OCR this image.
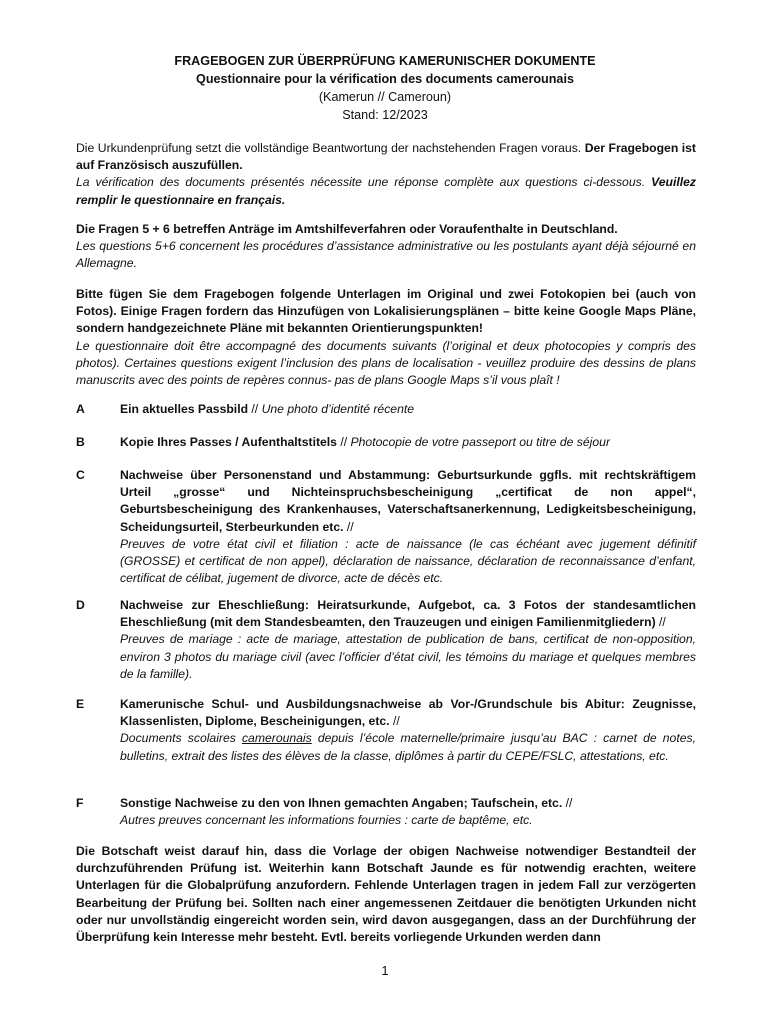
FRAGEBOGEN ZUR ÜBERPRÜFUNG KAMERUNISCHER DOKUMENTE
Questionnaire pour la vérification des documents camerounais
(Kamerun // Cameroun)
Stand: 12/2023
Die Urkundenprüfung setzt die vollständige Beantwortung der nachstehenden Fragen voraus. Der Fragebogen ist auf Französisch auszufüllen.
La vérification des documents présentés nécessite une réponse complète aux questions ci-dessous. Veuillez remplir le questionnaire en français.
Die Fragen 5 + 6 betreffen Anträge im Amtshilfeverfahren oder Voraufenthalte in Deutschland.
Les questions 5+6 concernent les procédures d’assistance administrative ou les postulants ayant déjà séjourné en Allemagne.
Bitte fügen Sie dem Fragebogen folgende Unterlagen im Original und zwei Fotokopien bei (auch von Fotos). Einige Fragen fordern das Hinzufügen von Lokalisierungsplänen – bitte keine Google Maps Pläne, sondern handgezeichnete Pläne mit bekannten Orientierungspunkten!
Le questionnaire doit être accompagné des documents suivants (l’original et deux photocopies y compris des photos). Certaines questions exigent l’inclusion des plans de localisation - veuillez produire des dessins de plans manuscrits avec des points de repères connus- pas de plans Google Maps s’il vous plaît !
A	Ein aktuelles Passbild // Une photo d’identité récente
B	Kopie Ihres Passes / Aufenthaltstitels // Photocopie de votre passeport ou titre de séjour
C	Nachweise über Personenstand und Abstammung: Geburtsurkunde ggfls. mit rechtskräftigem Urteil „grosse“ und Nichteinspruchsbescheinigung „certificat de non appel“, Geburtsbescheinigung des Krankenhauses, Vaterschaftsanerkennung, Ledigkeitsbescheinigung, Scheidungsurteil, Sterbeurkunden etc. //
Preuves de votre état civil et filiation : acte de naissance (le cas échéant avec jugement définitif (GROSSE) et certificat de non appel), déclaration de naissance, déclaration de reconnaissance d’enfant, certificat de célibat, jugement de divorce, acte de décès etc.
D	Nachweise zur Eheschließung: Heiratsurkunde, Aufgebot, ca. 3 Fotos der standesamtlichen Eheschließung (mit dem Standesbeamten, den Trauzeugen und einigen Familienmitgliedern) //
Preuves de mariage : acte de mariage, attestation de publication de bans, certificat de non-opposition, environ 3 photos du mariage civil (avec l’officier d’état civil, les témoins du mariage et quelques membres de la famille).
E	Kamerunische Schul- und Ausbildungsnachweise ab Vor-/Grundschule bis Abitur: Zeugnisse, Klassenlisten, Diplome, Bescheinigungen, etc. //
Documents scolaires camerounais depuis l’école maternelle/primaire jusqu’au BAC : carnet de notes, bulletins, extrait des listes des élèves de la classe, diplômes à partir du CEPE/FSLC, attestations, etc.
F	Sonstige Nachweise zu den von Ihnen gemachten Angaben; Taufschein, etc. //
Autres preuves concernant les informations fournies : carte de baptême, etc.
Die Botschaft weist darauf hin, dass die Vorlage der obigen Nachweise notwendiger Bestandteil der durchzuführenden Prüfung ist. Weiterhin kann Botschaft Jaunde es für notwendig erachten, weitere Unterlagen für die Globalprüfung anzufordern. Fehlende Unterlagen tragen in jedem Fall zur verzögerten Bearbeitung der Prüfung bei. Sollten nach einer angemessenen Zeitdauer die benötigten Urkunden nicht oder nur unvollständig eingereicht worden sein, wird davon ausgegangen, dass an der Durchführung der Überprüfung kein Interesse mehr besteht. Evtl. bereits vorliegende Urkunden werden dann
1
